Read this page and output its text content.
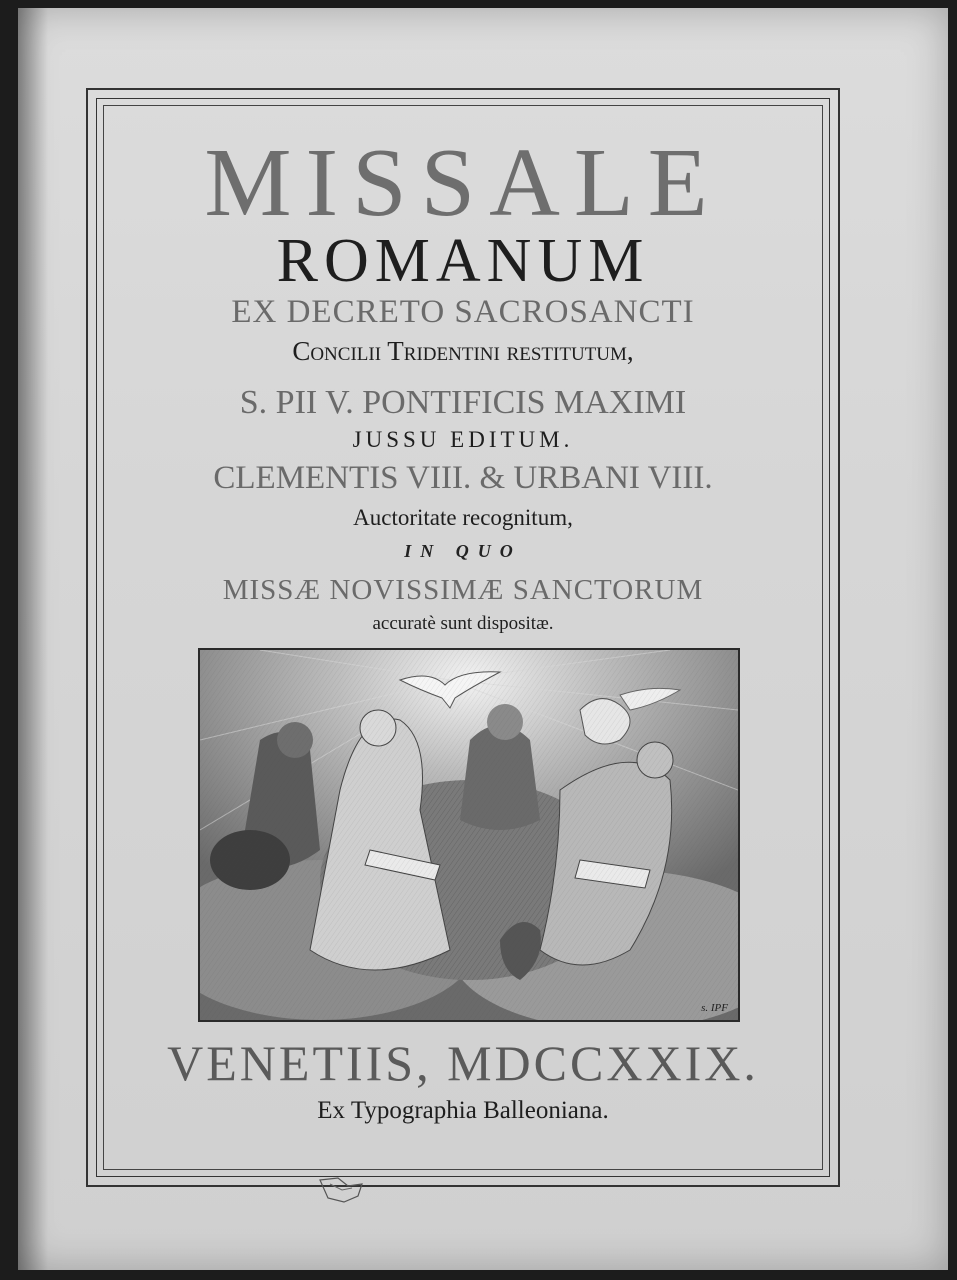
MISSALE
ROMANUM
EX DECRETO SACROSANCTI
Concilii Tridentini restitutum,
S. PII V. PONTIFICIS MAXIMI
JUSSU EDITUM.
CLEMENTIS VIII. & URBANI VIII.
Auctoritate recognitum,
IN QUO
MISSÆ NOVISSIMÆ SANCTORUM
accuratè sunt dispositæ.
s. IPF
VENETIIS, MDCCXXIX.
Ex Typographia Balleoniana.
